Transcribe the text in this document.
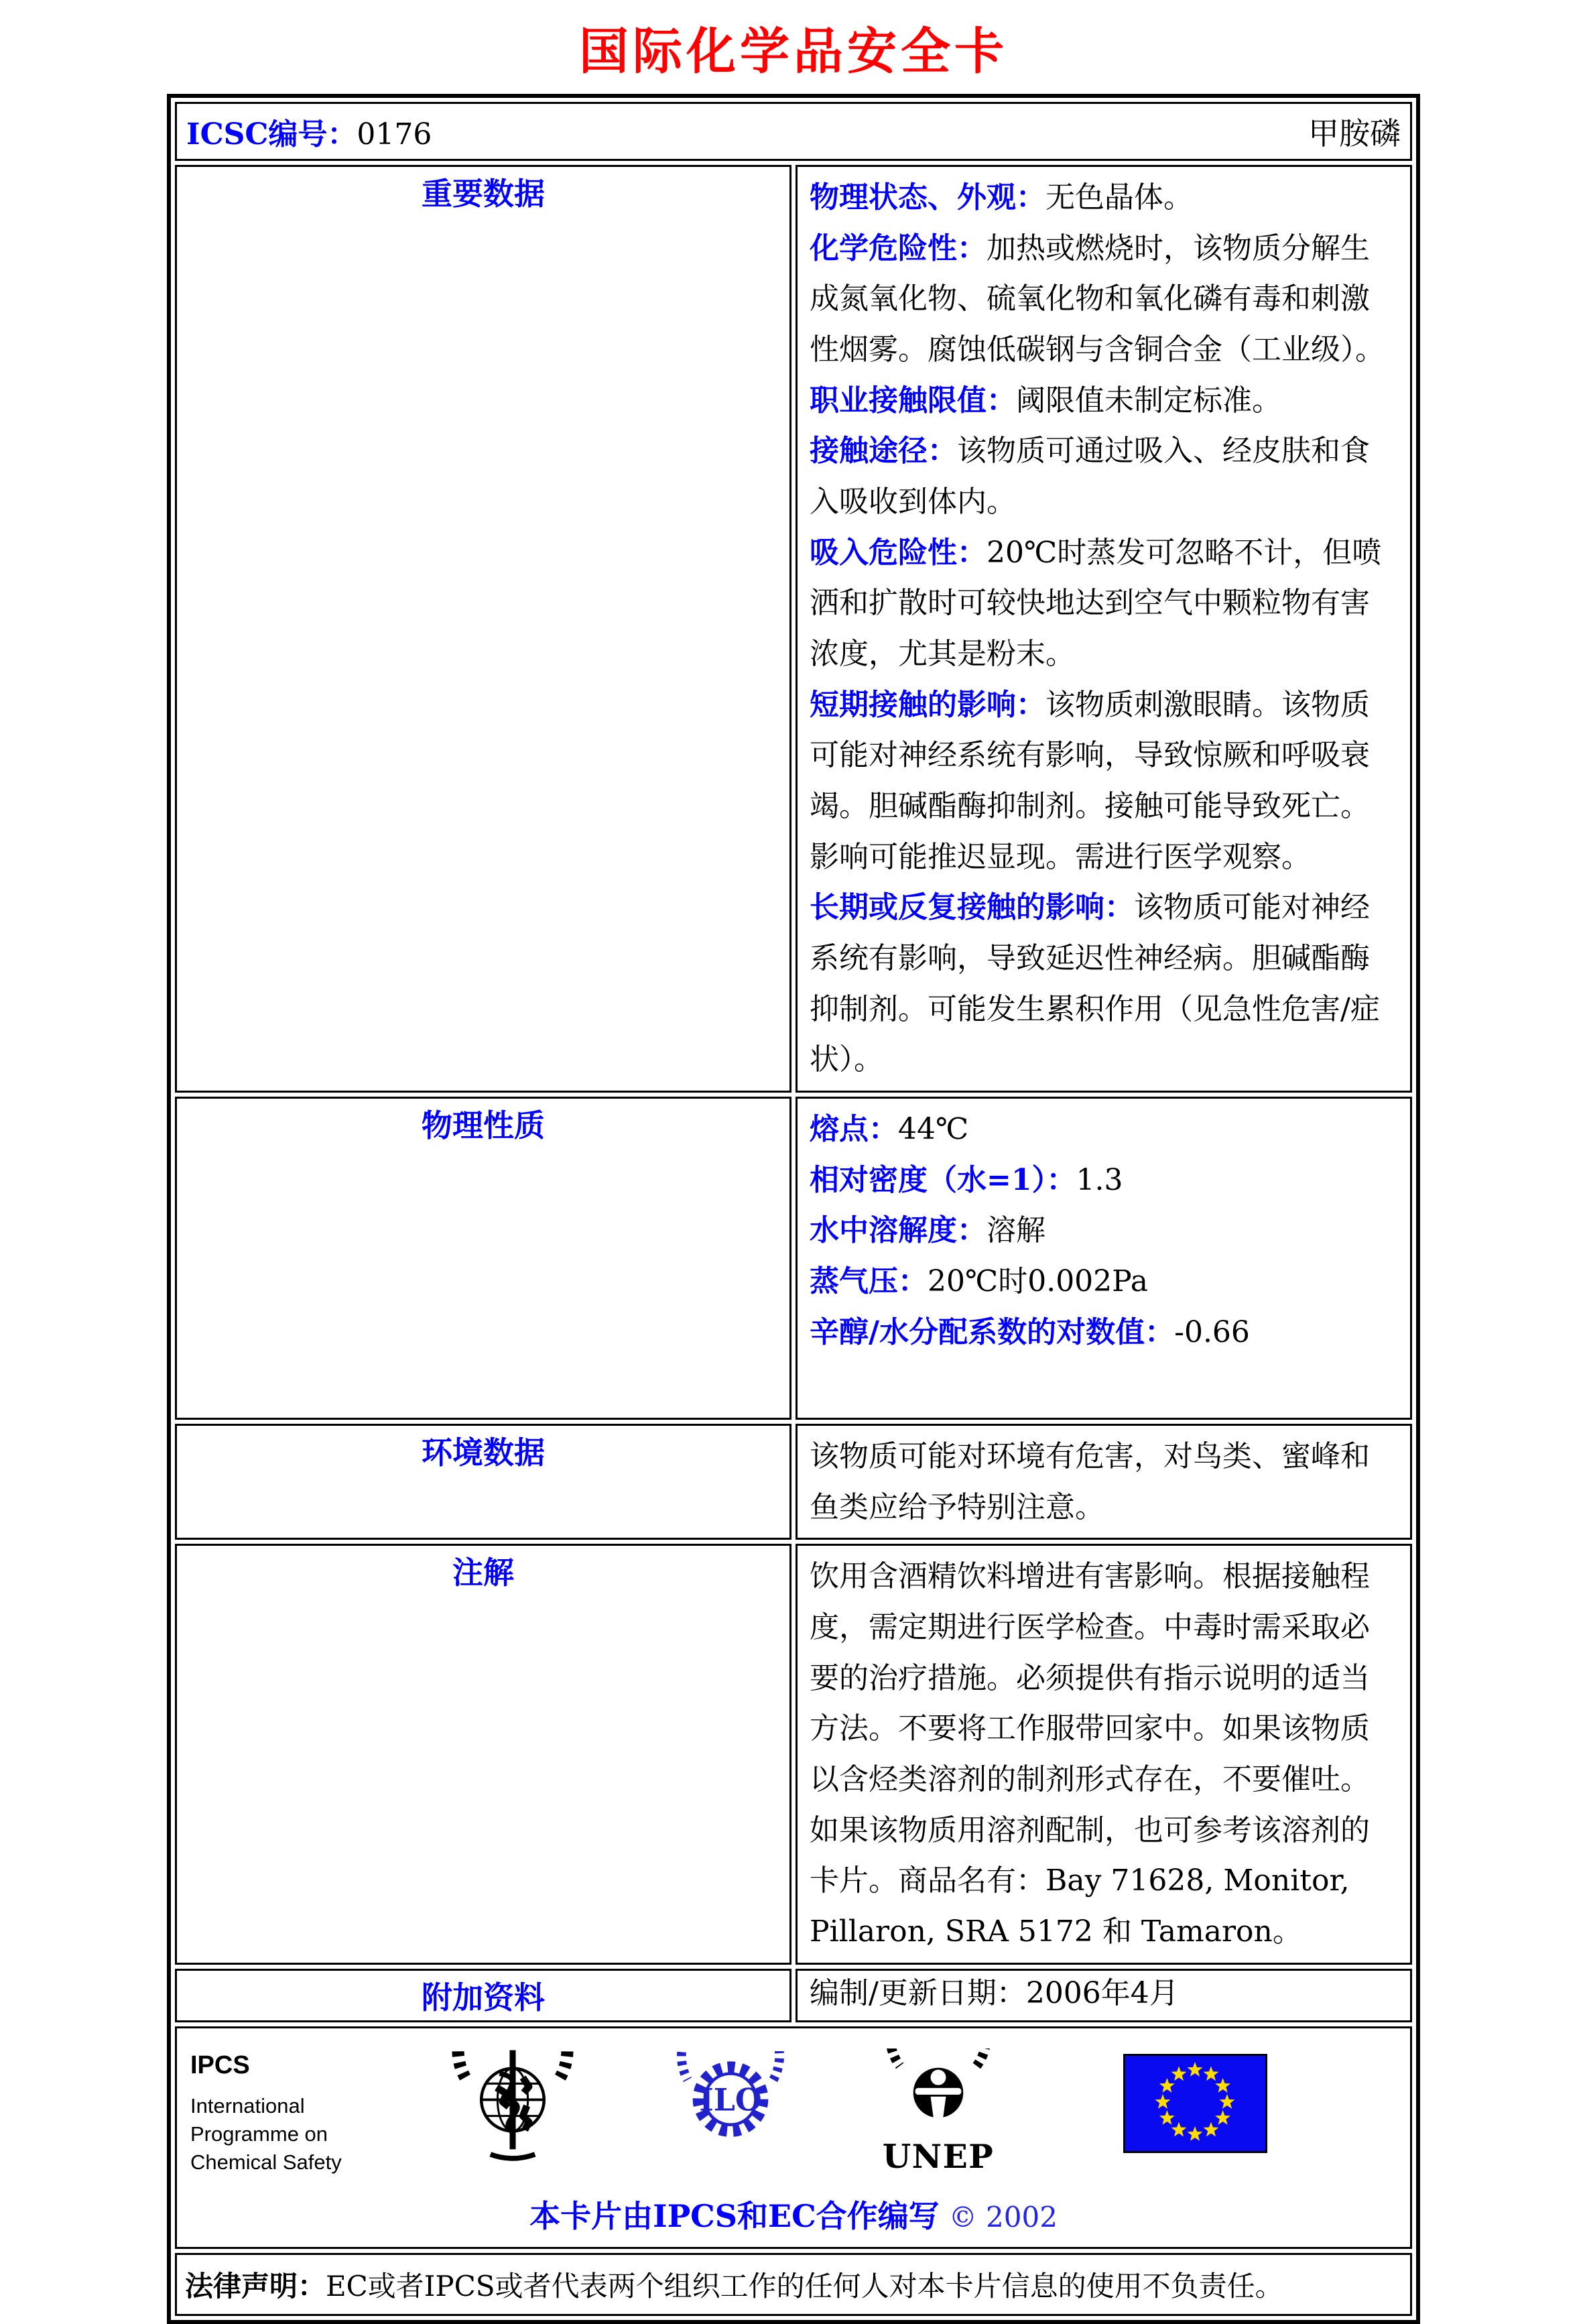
国际化学品安全卡
ICSC编号：0176 甲胺磷	

重要数据	物理状态、外观：无色晶体。

化学危险性：加热或燃烧时，该物质分解生成氮氧化物、硫氧化物和氧化磷有毒和刺激性烟雾。腐蚀低碳钢与含铜合金（工业级）。

职业接触限值：阈限值未制定标准。

接触途径：该物质可通过吸入、经皮肤和食入吸收到体内。

吸入危险性：20℃时蒸发可忽略不计，但喷洒和扩散时可较快地达到空气中颗粒物有害浓度，尤其是粉末。

短期接触的影响：该物质刺激眼睛。该物质可能对神经系统有影响，导致惊厥和呼吸衰竭。胆碱酯酶抑制剂。接触可能导致死亡。影响可能推迟显现。需进行医学观察。

长期或反复接触的影响：该物质可能对神经系统有影响，导致延迟性神经病。胆碱酯酶抑制剂。可能发生累积作用（见急性危害/症状）。

物理性质	熔点：44℃

相对密度（水=1）：1.3

水中溶解度：溶解

蒸气压：20℃时0.002Pa

辛醇/水分配系数的对数值：-0.66

环境数据	该物质可能对环境有危害，对鸟类、蜜峰和鱼类应给予特别注意。

注解	饮用含酒精饮料增进有害影响。根据接触程度，需定期进行医学检查。中毒时需采取必要的治疗措施。必须提供有指示说明的适当方法。不要将工作服带回家中。如果该物质以含烃类溶剂的制剂形式存在，不要催吐。如果该物质用溶剂配制，也可参考该溶剂的卡片。商品名有：Bay 71628, Monitor, Pillaron, SRA 5172 和 Tamaron。

附加资料	编制/更新日期：2006年4月

IPCS
International
Programme on
Chemical Safety
ILO
UNEP
本卡片由IPCS和EC合作编写 © 2002

法律声明：EC或者IPCS或者代表两个组织工作的任何人对本卡片信息的使用不负责任。	
